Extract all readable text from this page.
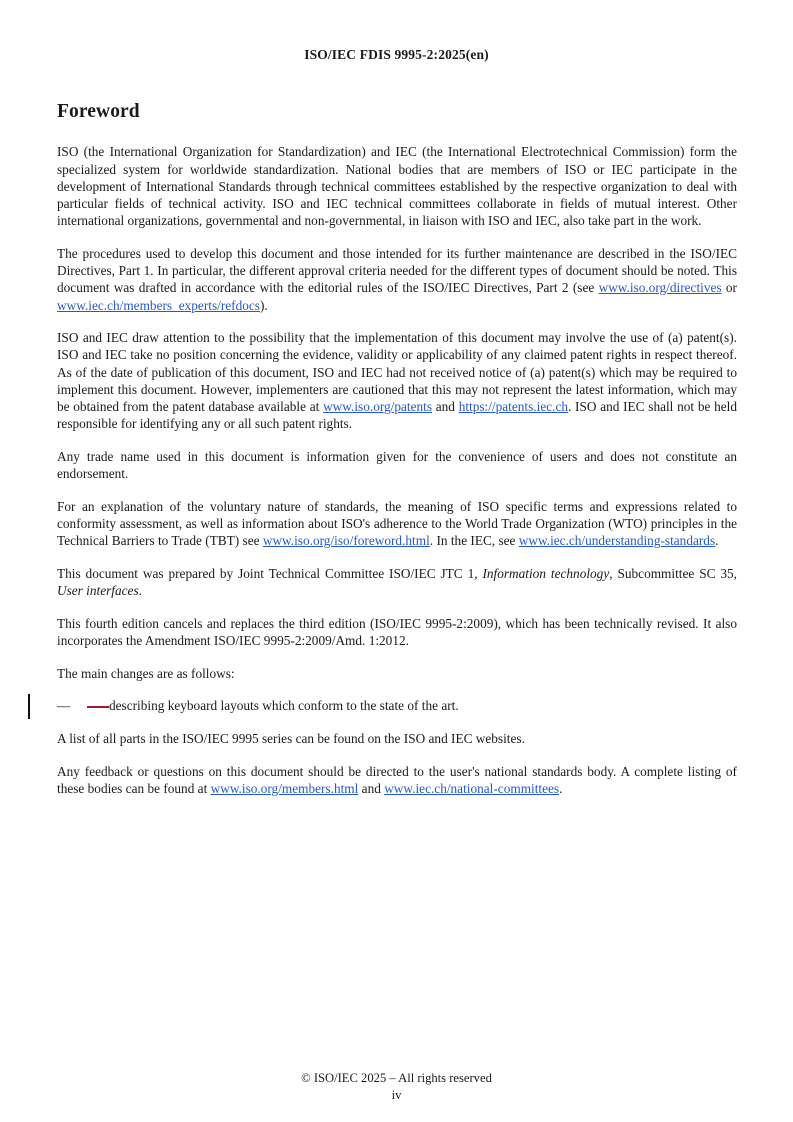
ISO/IEC FDIS 9995-2:2025(en)
Foreword

ISO (the International Organization for Standardization) and IEC (the International Electrotechnical Commission) form the specialized system for worldwide standardization. National bodies that are members of ISO or IEC participate in the development of International Standards through technical committees established by the respective organization to deal with particular fields of technical activity. ISO and IEC technical committees collaborate in fields of mutual interest. Other international organizations, governmental and non-governmental, in liaison with ISO and IEC, also take part in the work.

The procedures used to develop this document and those intended for its further maintenance are described in the ISO/IEC Directives, Part 1. In particular, the different approval criteria needed for the different types of document should be noted. This document was drafted in accordance with the editorial rules of the ISO/IEC Directives, Part 2 (see www.iso.org/directives or www.iec.ch/members_experts/refdocs).

ISO and IEC draw attention to the possibility that the implementation of this document may involve the use of (a) patent(s). ISO and IEC take no position concerning the evidence, validity or applicability of any claimed patent rights in respect thereof. As of the date of publication of this document, ISO and IEC had not received notice of (a) patent(s) which may be required to implement this document. However, implementers are cautioned that this may not represent the latest information, which may be obtained from the patent database available at www.iso.org/patents and https://patents.iec.ch. ISO and IEC shall not be held responsible for identifying any or all such patent rights.

Any trade name used in this document is information given for the convenience of users and does not constitute an endorsement.

For an explanation of the voluntary nature of standards, the meaning of ISO specific terms and expressions related to conformity assessment, as well as information about ISO's adherence to the World Trade Organization (WTO) principles in the Technical Barriers to Trade (TBT) see www.iso.org/iso/foreword.html. In the IEC, see www.iec.ch/understanding-standards.

This document was prepared by Joint Technical Committee ISO/IEC JTC 1, Information technology, Subcommittee SC 35, User interfaces.

This fourth edition cancels and replaces the third edition (ISO/IEC 9995-2:2009), which has been technically revised. It also incorporates the Amendment ISO/IEC 9995-2:2009/Amd. 1:2012.

The main changes are as follows:

—	describing keyboard layouts which conform to the state of the art.

A list of all parts in the ISO/IEC 9995 series can be found on the ISO and IEC websites.

Any feedback or questions on this document should be directed to the user's national standards body. A complete listing of these bodies can be found at www.iso.org/members.html and www.iec.ch/national-committees.

© ISO/IEC 2025 – All rights reserved
iv
